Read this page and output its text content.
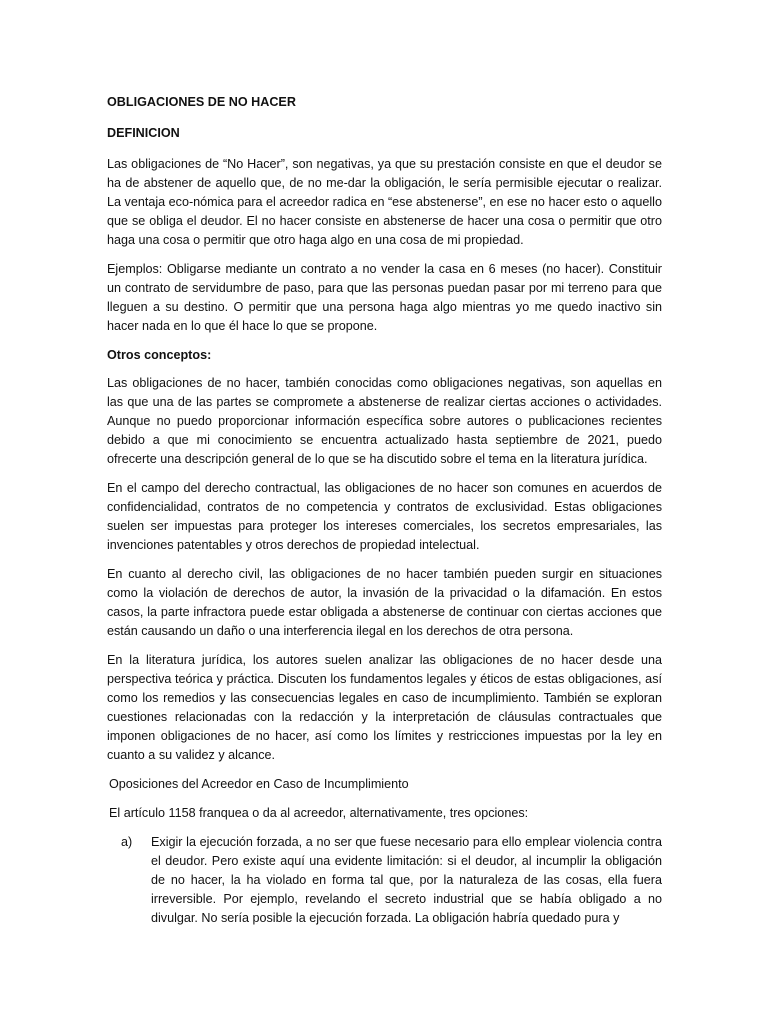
OBLIGACIONES DE NO HACER
DEFINICION

Las obligaciones de “No Hacer”, son negativas, ya que su prestación consiste en que el deudor se ha de abstener de aquello que, de no me-dar la obligación, le sería permisible ejecutar o realizar. La ventaja eco-nómica para el acreedor radica en “ese abstenerse”, en ese no hacer esto o aquello que se obliga el deudor. El no hacer consiste en abstenerse de hacer una cosa o permitir que otro haga una cosa o permitir que otro haga algo en una cosa de mi propiedad.

Ejemplos: Obligarse mediante un contrato a no vender la casa en 6 meses (no hacer). Constituir un contrato de servidumbre de paso, para que las personas puedan pasar por mi terreno para que lleguen a su destino. O permitir que una persona haga algo mientras yo me quedo inactivo sin hacer nada en lo que él hace lo que se propone.

Otros conceptos:

Las obligaciones de no hacer, también conocidas como obligaciones negativas, son aquellas en las que una de las partes se compromete a abstenerse de realizar ciertas acciones o actividades. Aunque no puedo proporcionar información específica sobre autores o publicaciones recientes debido a que mi conocimiento se encuentra actualizado hasta septiembre de 2021, puedo ofrecerte una descripción general de lo que se ha discutido sobre el tema en la literatura jurídica.

En el campo del derecho contractual, las obligaciones de no hacer son comunes en acuerdos de confidencialidad, contratos de no competencia y contratos de exclusividad. Estas obligaciones suelen ser impuestas para proteger los intereses comerciales, los secretos empresariales, las invenciones patentables y otros derechos de propiedad intelectual.

En cuanto al derecho civil, las obligaciones de no hacer también pueden surgir en situaciones como la violación de derechos de autor, la invasión de la privacidad o la difamación. En estos casos, la parte infractora puede estar obligada a abstenerse de continuar con ciertas acciones que están causando un daño o una interferencia ilegal en los derechos de otra persona.

En la literatura jurídica, los autores suelen analizar las obligaciones de no hacer desde una perspectiva teórica y práctica. Discuten los fundamentos legales y éticos de estas obligaciones, así como los remedios y las consecuencias legales en caso de incumplimiento. También se exploran cuestiones relacionadas con la redacción y la interpretación de cláusulas contractuales que imponen obligaciones de no hacer, así como los límites y restricciones impuestas por la ley en cuanto a su validez y alcance.

Oposiciones del Acreedor en Caso de Incumplimiento

El artículo 1158 franquea o da al acreedor, alternativamente, tres opciones:

a)	Exigir la ejecución forzada, a no ser que fuese necesario para ello emplear violencia contra el deudor. Pero existe aquí una evidente limitación: si el deudor, al incumplir la obligación de no hacer, la ha violado en forma tal que, por la naturaleza de las cosas, ella fuera irreversible. Por ejemplo, revelando el secreto industrial que se había obligado a no divulgar. No sería posible la ejecución forzada. La obligación habría quedado pura y
